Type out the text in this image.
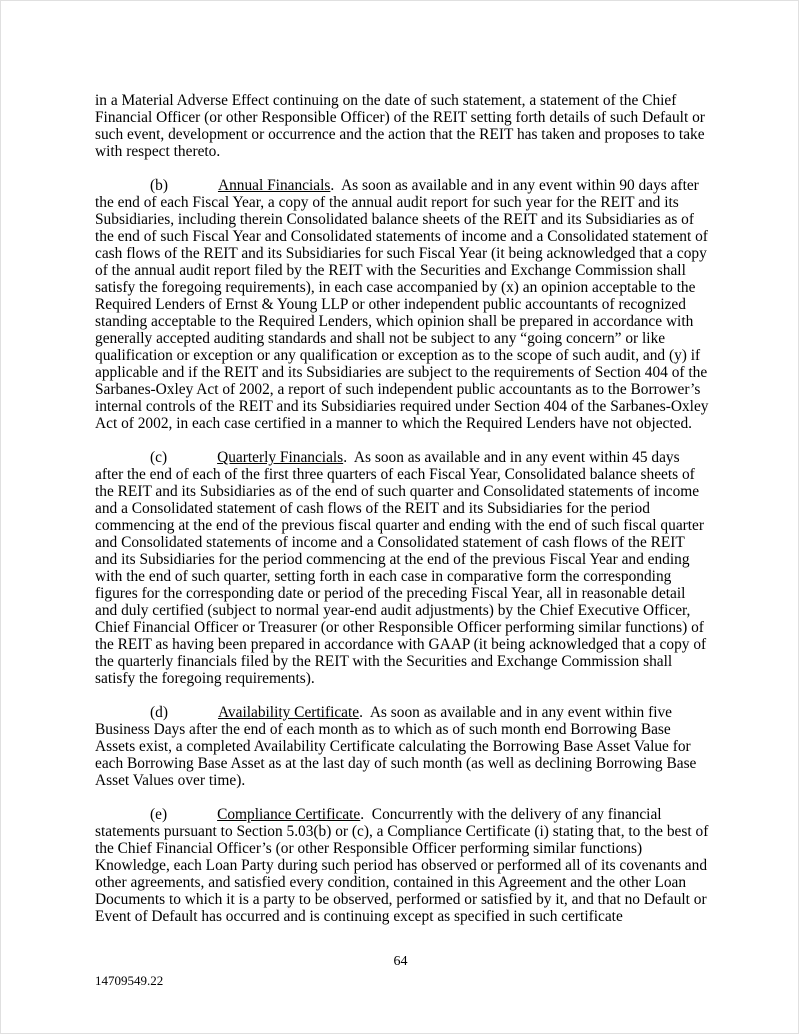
in a Material Adverse Effect continuing on the date of such statement, a statement of the Chief Financial Officer (or other Responsible Officer) of the REIT setting forth details of such Default or such event, development or occurrence and the action that the REIT has taken and proposes to take with respect thereto.

(b)	Annual Financials.  As soon as available and in any event within 90 days after the end of each Fiscal Year, a copy of the annual audit report for such year for the REIT and its Subsidiaries, including therein Consolidated balance sheets of the REIT and its Subsidiaries as of the end of such Fiscal Year and Consolidated statements of income and a Consolidated statement of cash flows of the REIT and its Subsidiaries for such Fiscal Year (it being acknowledged that a copy of the annual audit report filed by the REIT with the Securities and Exchange Commission shall satisfy the foregoing requirements), in each case accompanied by (x) an opinion acceptable to the Required Lenders of Ernst & Young LLP or other independent public accountants of recognized standing acceptable to the Required Lenders, which opinion shall be prepared in accordance with generally accepted auditing standards and shall not be subject to any “going concern” or like qualification or exception or any qualification or exception as to the scope of such audit, and (y) if applicable and if the REIT and its Subsidiaries are subject to the requirements of Section 404 of the Sarbanes-Oxley Act of 2002, a report of such independent public accountants as to the Borrower’s internal controls of the REIT and its Subsidiaries required under Section 404 of the Sarbanes-Oxley Act of 2002, in each case certified in a manner to which the Required Lenders have not objected.

(c)	Quarterly Financials.  As soon as available and in any event within 45 days after the end of each of the first three quarters of each Fiscal Year, Consolidated balance sheets of the REIT and its Subsidiaries as of the end of such quarter and Consolidated statements of income and a Consolidated statement of cash flows of the REIT and its Subsidiaries for the period commencing at the end of the previous fiscal quarter and ending with the end of such fiscal quarter and Consolidated statements of income and a Consolidated statement of cash flows of the REIT and its Subsidiaries for the period commencing at the end of the previous Fiscal Year and ending with the end of such quarter, setting forth in each case in comparative form the corresponding figures for the corresponding date or period of the preceding Fiscal Year, all in reasonable detail and duly certified (subject to normal year-end audit adjustments) by the Chief Executive Officer, Chief Financial Officer or Treasurer (or other Responsible Officer performing similar functions) of the REIT as having been prepared in accordance with GAAP (it being acknowledged that a copy of the quarterly financials filed by the REIT with the Securities and Exchange Commission shall satisfy the foregoing requirements).

(d)	Availability Certificate.  As soon as available and in any event within five Business Days after the end of each month as to which as of such month end Borrowing Base Assets exist, a completed Availability Certificate calculating the Borrowing Base Asset Value for each Borrowing Base Asset as at the last day of such month (as well as declining Borrowing Base Asset Values over time).

(e)	Compliance Certificate.  Concurrently with the delivery of any financial statements pursuant to Section 5.03(b) or (c), a Compliance Certificate (i) stating that, to the best of the Chief Financial Officer’s (or other Responsible Officer performing similar functions) Knowledge, each Loan Party during such period has observed or performed all of its covenants and other agreements, and satisfied every condition, contained in this Agreement and the other Loan Documents to which it is a party to be observed, performed or satisfied by it, and that no Default or Event of Default has occurred and is continuing except as specified in such certificate

64
14709549.22
